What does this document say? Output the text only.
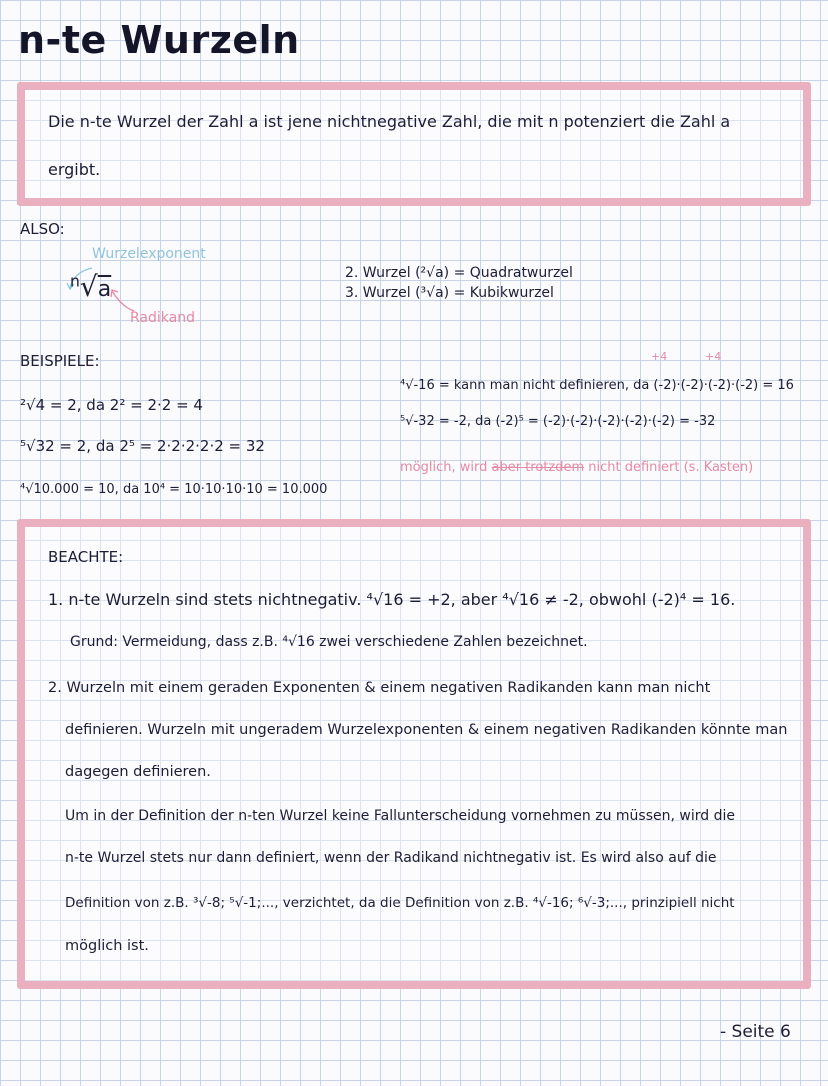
n-te Wurzeln
Die n-te Wurzel der Zahl a ist jene nichtnegative Zahl, die mit n potenziert die Zahl a
ergibt.
ALSO:
Wurzelexponent
$^n$√a
Radikand
2. Wurzel (²√a) = Quadratwurzel
3. Wurzel (³√a) = Kubikwurzel
BEISPIELE:
²√4 = 2, da 2² = 2·2 = 4
⁵√32 = 2, da 2⁵ = 2·2·2·2·2 = 32
⁴√10.000 = 10, da 10⁴ = 10·10·10·10 = 10.000
+4	+4
⁴√-16 = kann man nicht definieren, da (-2)·(-2)·(-2)·(-2) = 16
⁵√-32 = -2, da (-2)⁵ = (-2)·(-2)·(-2)·(-2)·(-2) = -32
möglich, wird aber trotzdem nicht definiert (s. Kasten)
BEACHTE:
1. n-te Wurzeln sind stets nichtnegativ. ⁴√16 = +2, aber ⁴√16 ≠ -2, obwohl (-2)⁴ = 16.
Grund: Vermeidung, dass z.B. ⁴√16 zwei verschiedene Zahlen bezeichnet.
2. Wurzeln mit einem geraden Exponenten & einem negativen Radikanden kann man nicht
definieren. Wurzeln mit ungeradem Wurzelexponenten & einem negativen Radikanden könnte man
dagegen definieren.
Um in der Definition der n-ten Wurzel keine Fallunterscheidung vornehmen zu müssen, wird die
n-te Wurzel stets nur dann definiert, wenn der Radikand nichtnegativ ist. Es wird also auf die
Definition von z.B. ³√-8; ⁵√-1;..., verzichtet, da die Definition von z.B. ⁴√-16; ⁶√-3;..., prinzipiell nicht
möglich ist.
- Seite 6
